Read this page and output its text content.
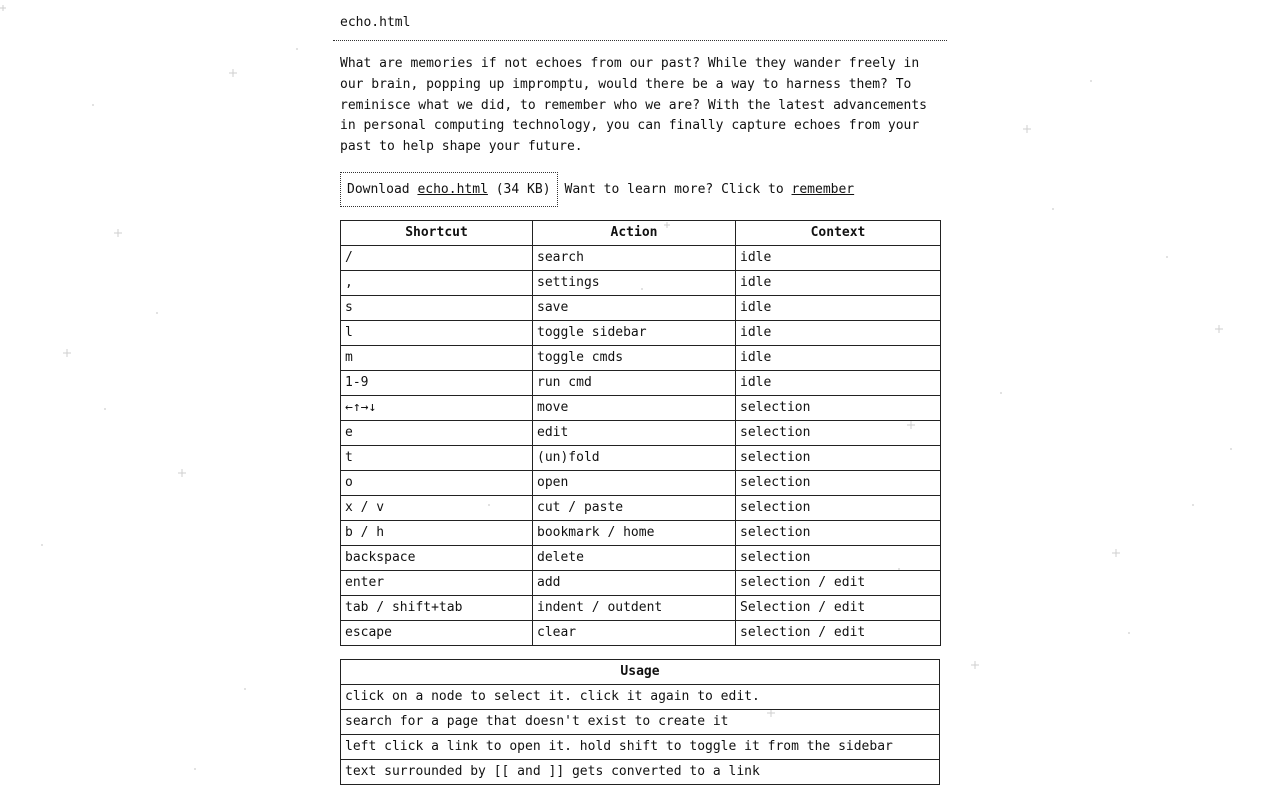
echo.html
What are memories if not echoes from our past? While they wander freely in our brain, popping up impromptu, would there be a way to harness them? To reminisce what we did, to remember who we are? With the latest advancements in personal computing technology, you can finally capture echoes from your past to help shape your future.
Download echo.html (34 KB) Want to learn more? Click to remember
Shortcut	Action	Context
/	search	idle
,	settings	idle
s	save	idle
l	toggle sidebar	idle
m	toggle cmds	idle
1-9	run cmd	idle
←↑→↓	move	selection
e	edit	selection
t	(un)fold	selection
o	open	selection
x / v	cut / paste	selection
b / h	bookmark / home	selection
backspace	delete	selection
enter	add	selection / edit
tab / shift+tab	indent / outdent	Selection / edit
escape	clear	selection / edit
Usage
click on a node to select it. click it again to edit.
search for a page that doesn't exist to create it
left click a link to open it. hold shift to toggle it from the sidebar
text surrounded by [[ and ]] gets converted to a link
